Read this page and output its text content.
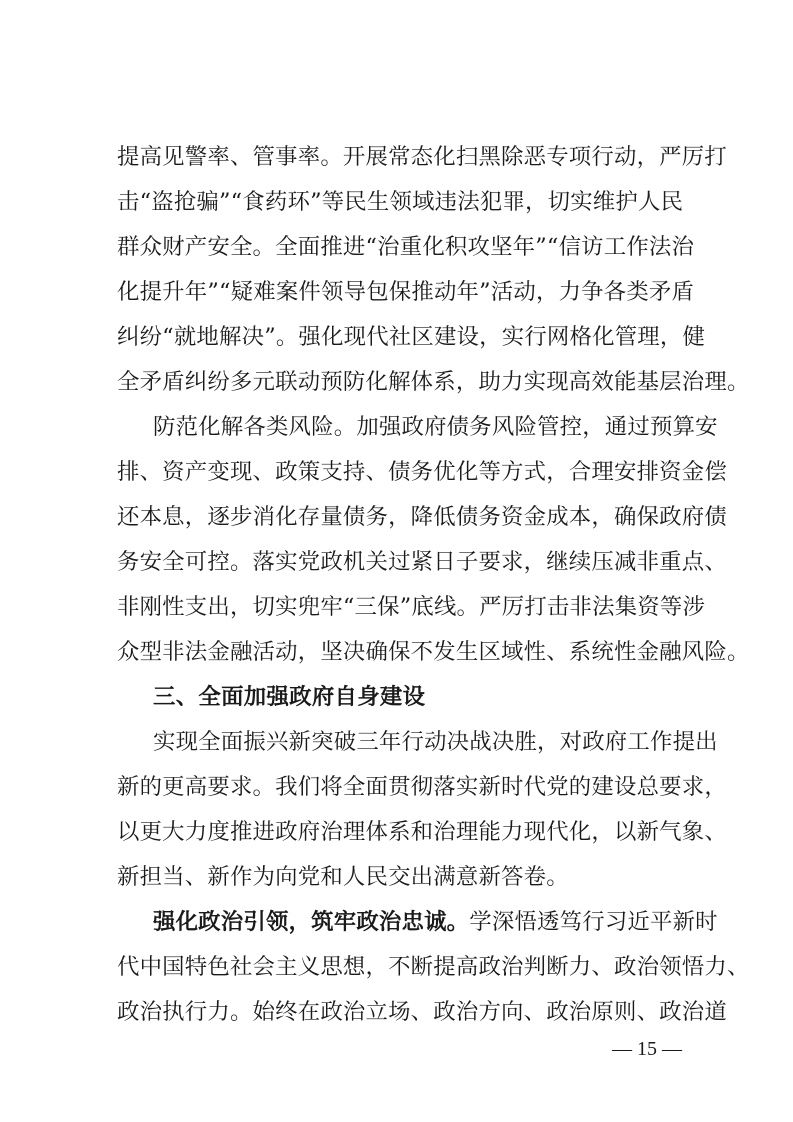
提高见警率、管事率。开展常态化扫黑除恶专项行动，严厉打
击“盗抢骗”“食药环”等民生领域违法犯罪，切实维护人民
群众财产安全。全面推进“治重化积攻坚年”“信访工作法治
化提升年”“疑难案件领导包保推动年”活动，力争各类矛盾
纠纷“就地解决”。强化现代社区建设，实行网格化管理，健
全矛盾纠纷多元联动预防化解体系，助力实现高效能基层治理。
防范化解各类风险。加强政府债务风险管控，通过预算安
排、资产变现、政策支持、债务优化等方式，合理安排资金偿
还本息，逐步消化存量债务，降低债务资金成本，确保政府债
务安全可控。落实党政机关过紧日子要求，继续压减非重点、
非刚性支出，切实兜牢“三保”底线。严厉打击非法集资等涉
众型非法金融活动，坚决确保不发生区域性、系统性金融风险。
三、全面加强政府自身建设
实现全面振兴新突破三年行动决战决胜，对政府工作提出
新的更高要求。我们将全面贯彻落实新时代党的建设总要求，
以更大力度推进政府治理体系和治理能力现代化，以新气象、
新担当、新作为向党和人民交出满意新答卷。
强化政治引领，筑牢政治忠诚。学深悟透笃行习近平新时
代中国特色社会主义思想，不断提高政治判断力、政治领悟力、
政治执行力。始终在政治立场、政治方向、政治原则、政治道
— 15 —
